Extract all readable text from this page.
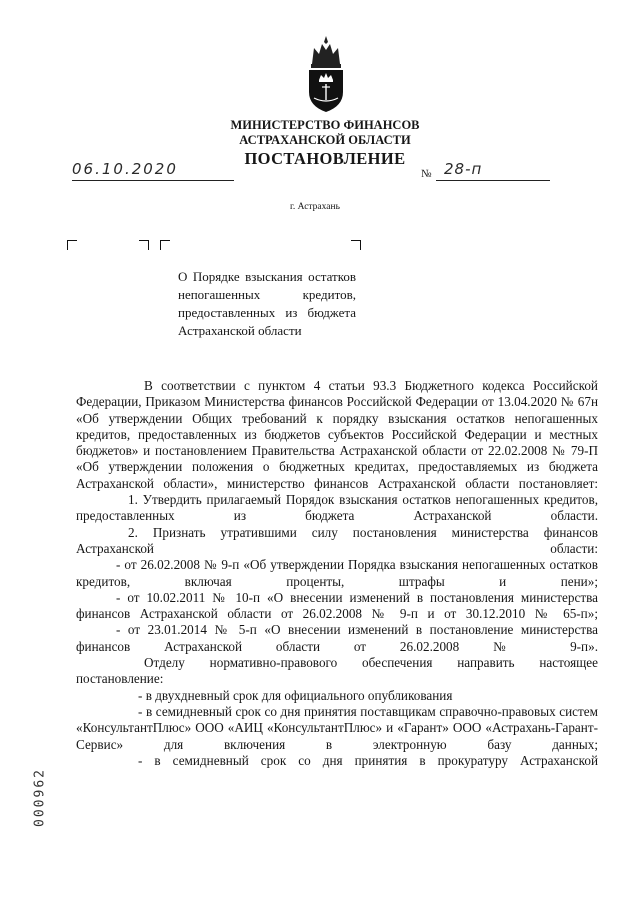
МИНИСТЕРСТВО ФИНАНСОВ
АСТРАХАНСКОЙ ОБЛАСТИ
ПОСТАНОВЛЕНИЕ
06.10.2020	№ 28-п
г. Астрахань
О Порядке взыскания остатков непогашенных кредитов, предоставленных из бюджета Астраханской области

В соответствии с пунктом 4 статьи 93.3 Бюджетного кодекса Российской Федерации, Приказом Министерства финансов Российской Федерации от 13.04.2020 № 67н «Об утверждении Общих требований к порядку взыскания остатков непогашенных кредитов, предоставленных из бюджетов субъектов Российской Федерации и местных бюджетов» и постановлением Правительства Астраханской области от 22.02.2008 № 79-П «Об утверждении положения о бюджетных кредитах, предоставляемых из бюджета Астраханской области», министерство финансов Астраханской области постановляет:

1. Утвердить прилагаемый Порядок взыскания остатков непогашенных кредитов, предоставленных из бюджета Астраханской области.

2. Признать утратившими силу постановления министерства финансов Астраханской области:

- от 26.02.2008 № 9-п «Об утверждении Порядка взыскания непогашенных остатков кредитов, включая проценты, штрафы и пени»;

- от 10.02.2011 № 10-п «О внесении изменений в постановления министерства финансов Астраханской области от 26.02.2008 № 9-п и от 30.12.2010 № 65-п»;

- от 23.01.2014 № 5-п «О внесении изменений в постановление министерства финансов Астраханской области от 26.02.2008 № 9-п».

Отделу нормативно-правового обеспечения направить настоящее постановление:

- в двухдневный срок для официального опубликования

- в семидневный срок со дня принятия поставщикам справочно-правовых систем «КонсультантПлюс» ООО «АИЦ «КонсультантПлюс» и «Гарант» ООО «Астрахань-Гарант-Сервис» для включения в электронную базу данных;

- в семидневный срок со дня принятия в прокуратуру Астраханской

000962
